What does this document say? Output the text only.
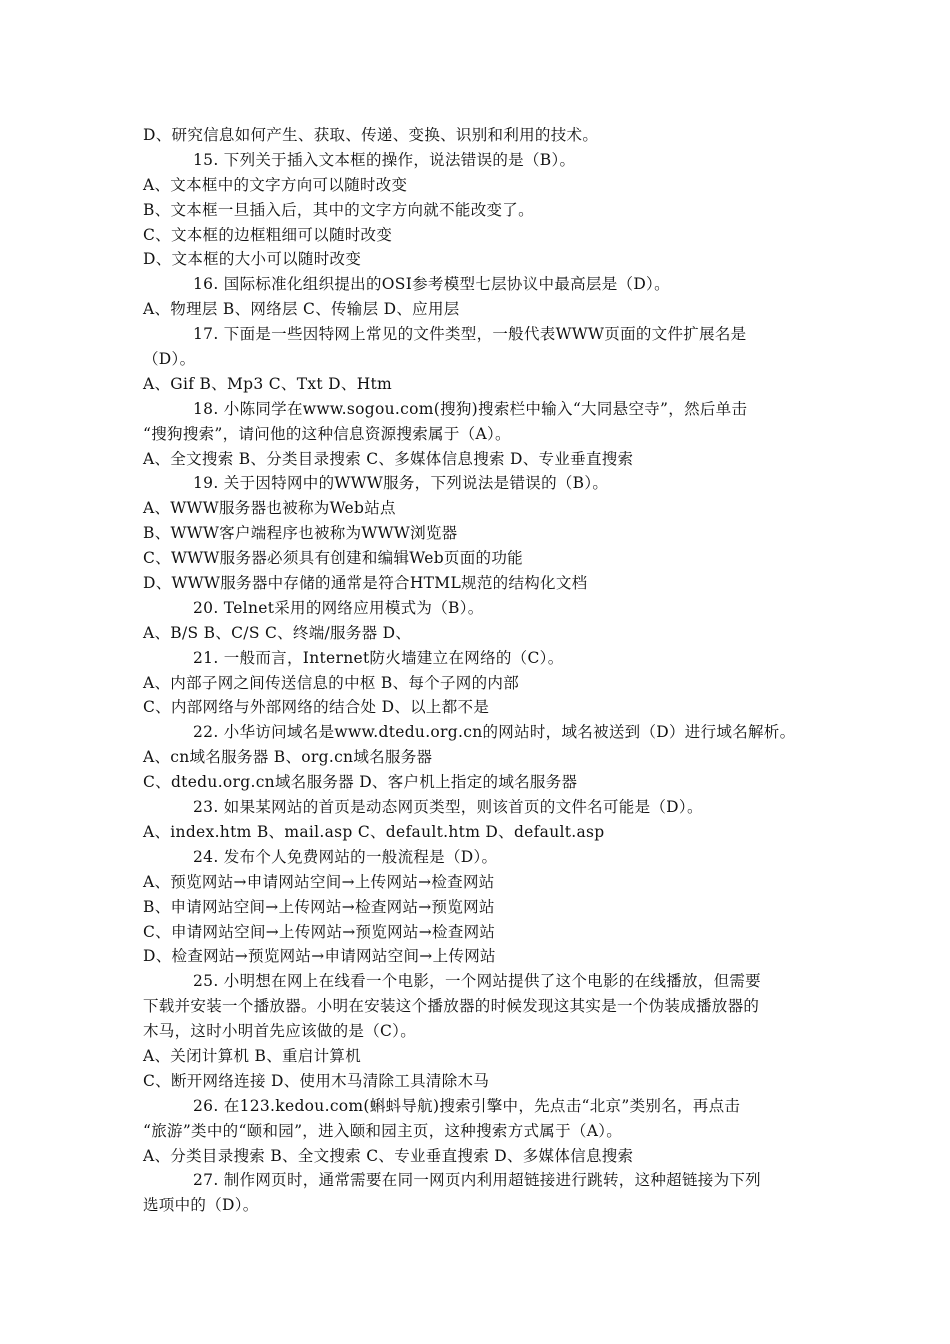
D、研究信息如何产生、获取、传递、变换、识别和利用的技术。
15. 下列关于插入文本框的操作，说法错误的是（B）。
A、文本框中的文字方向可以随时改变
B、文本框一旦插入后，其中的文字方向就不能改变了。
C、文本框的边框粗细可以随时改变
D、文本框的大小可以随时改变
16. 国际标准化组织提出的OSI参考模型七层协议中最高层是（D）。
A、物理层 B、网络层 C、传输层 D、应用层
17. 下面是一些因特网上常见的文件类型，一般代表WWW页面的文件扩展名是
（D）。
A、Gif B、Mp3 C、Txt D、Htm
18. 小陈同学在www.sogou.com(搜狗)搜索栏中输入“大同悬空寺”，然后单击
“搜狗搜索”，请问他的这种信息资源搜索属于（A）。
A、全文搜索 B、分类目录搜索 C、多媒体信息搜索 D、专业垂直搜索
19. 关于因特网中的WWW服务，下列说法是错误的（B）。
A、WWW服务器也被称为Web站点
B、WWW客户端程序也被称为WWW浏览器
C、WWW服务器必须具有创建和编辑Web页面的功能
D、WWW服务器中存储的通常是符合HTML规范的结构化文档
20. Telnet采用的网络应用模式为（B）。
A、B/S B、C/S C、终端/服务器 D、
21. 一般而言，Internet防火墙建立在网络的（C）。
A、内部子网之间传送信息的中枢 B、每个子网的内部
C、内部网络与外部网络的结合处 D、以上都不是
22. 小华访问域名是www.dtedu.org.cn的网站时，域名被送到（D）进行域名解析。
A、cn域名服务器 B、org.cn域名服务器
C、dtedu.org.cn域名服务器 D、客户机上指定的域名服务器
23. 如果某网站的首页是动态网页类型，则该首页的文件名可能是（D）。
A、index.htm B、mail.asp C、default.htm D、default.asp
24. 发布个人免费网站的一般流程是（D）。
A、预览网站→申请网站空间→上传网站→检查网站
B、申请网站空间→上传网站→检查网站→预览网站
C、申请网站空间→上传网站→预览网站→检查网站
D、检查网站→预览网站→申请网站空间→上传网站
25. 小明想在网上在线看一个电影，一个网站提供了这个电影的在线播放，但需要
下载并安装一个播放器。小明在安装这个播放器的时候发现这其实是一个伪装成播放器的
木马，这时小明首先应该做的是（C）。
A、关闭计算机 B、重启计算机
C、断开网络连接 D、使用木马清除工具清除木马
26. 在123.kedou.com(蝌蚪导航)搜索引擎中，先点击“北京”类别名，再点击
“旅游”类中的“颐和园”，进入颐和园主页，这种搜索方式属于（A）。
A、分类目录搜索 B、全文搜索 C、专业垂直搜索 D、多媒体信息搜索
27. 制作网页时，通常需要在同一网页内利用超链接进行跳转，这种超链接为下列
选项中的（D）。
